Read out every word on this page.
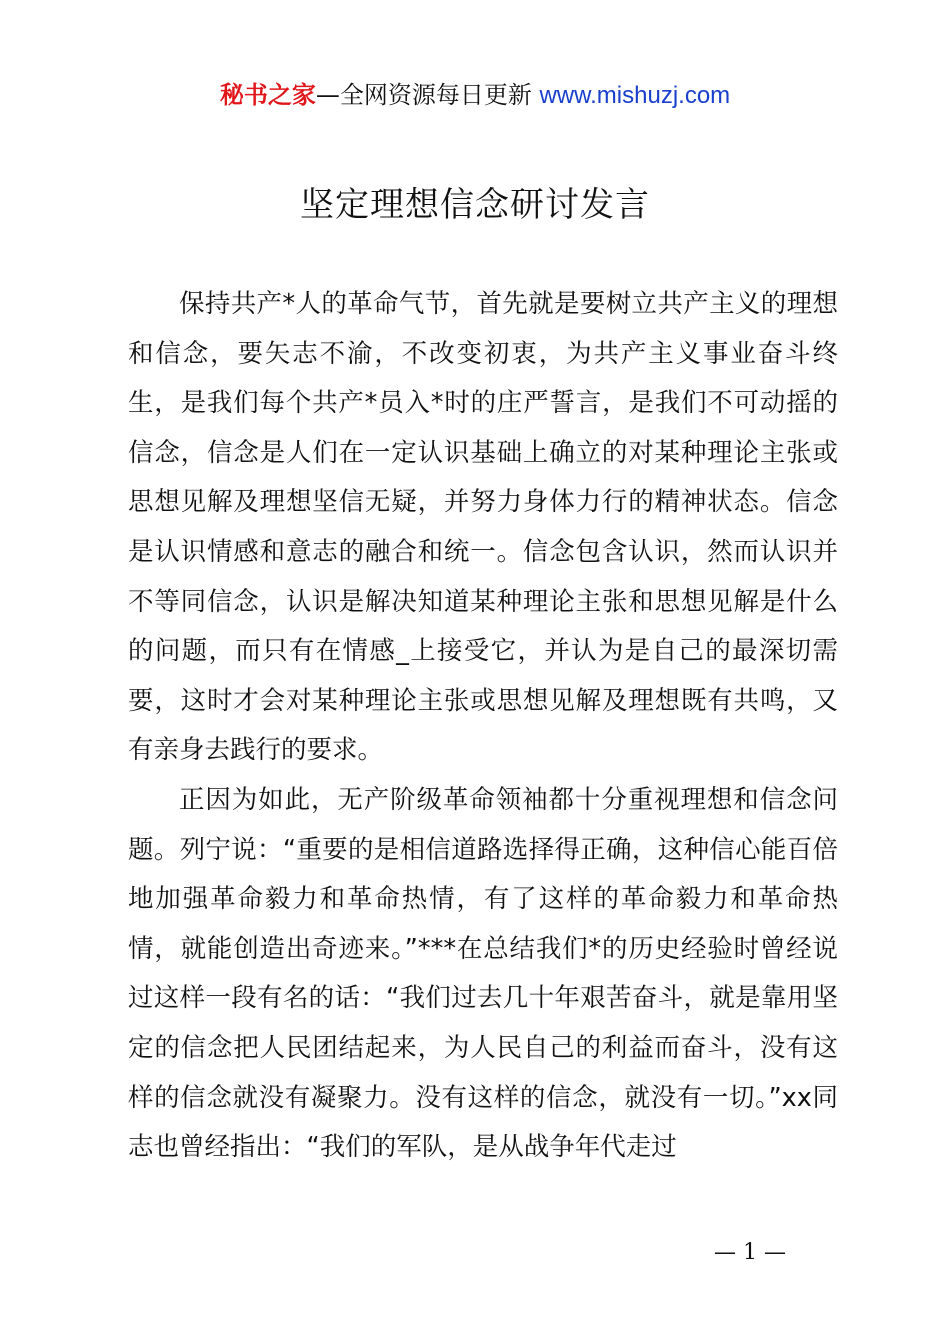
秘书之家—全网资源每日更新 www.mishuzj.com
坚定理想信念研讨发言

保持共产*人的革命气节，首先就是要树立共产主义的理想和信念，要矢志不渝，不改变初衷，为共产主义事业奋斗终生，是我们每个共产*员入*时的庄严誓言，是我们不可动摇的信念，信念是人们在一定认识基础上确立的对某种理论主张或思想见解及理想坚信无疑，并努力身体力行的精神状态。信念是认识情感和意志的融合和统一。信念包含认识，然而认识并不等同信念，认识是解决知道某种理论主张和思想见解是什么的问题，而只有在情感_上接受它，并认为是自己的最深切需要，这时才会对某种理论主张或思想见解及理想既有共鸣，又有亲身去践行的要求。

正因为如此，无产阶级革命领袖都十分重视理想和信念问题。列宁说：“重要的是相信道路选择得正确，这种信心能百倍地加强革命毅力和革命热情，有了这样的革命毅力和革命热情，就能创造出奇迹来。”***在总结我们*的历史经验时曾经说过这样一段有名的话：“我们过去几十年艰苦奋斗，就是靠用坚定的信念把人民团结起来，为人民自己的利益而奋斗，没有这样的信念就没有凝聚力。没有这样的信念，就没有一切。”xx同志也曾经指出：“我们的军队，是从战争年代走过

— 1 —
